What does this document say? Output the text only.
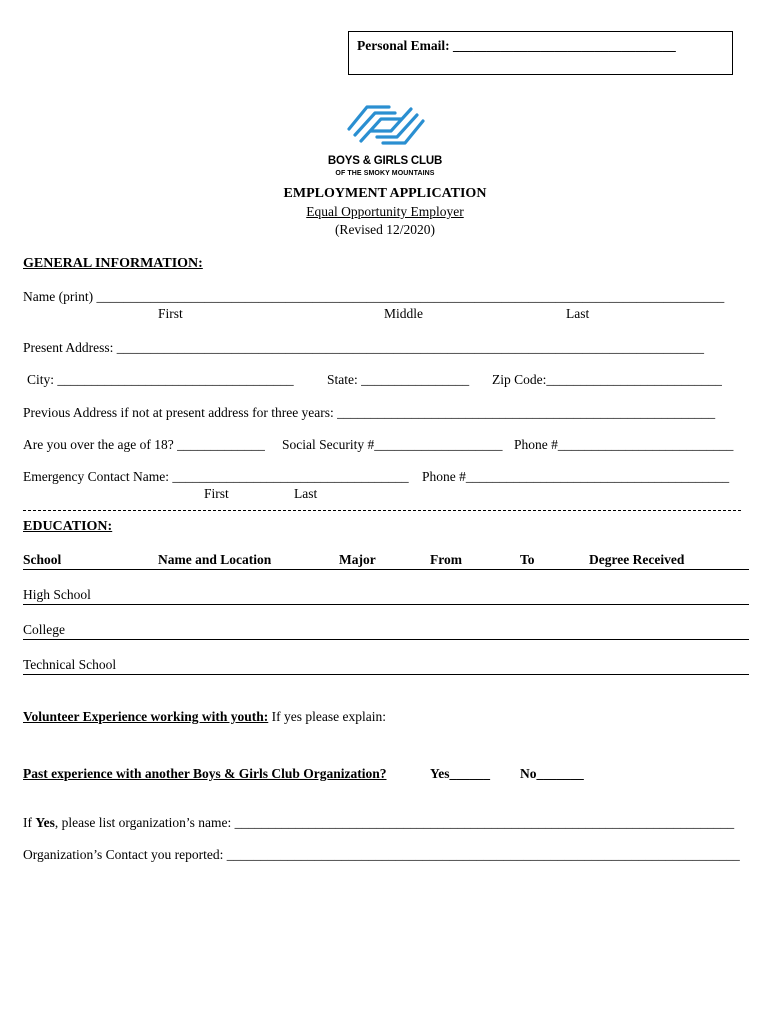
Personal Email: _________________________________
BOYS & GIRLS CLUB
OF THE SMOKY MOUNTAINS
EMPLOYMENT APPLICATION
Equal Opportunity Employer
(Revised 12/2020)
GENERAL INFORMATION:
Name (print) _____________________________________________________________________________________________
First	Middle	Last
Present Address: _______________________________________________________________________________________
City: ___________________________________ State: ________________ Zip Code:__________________________
Previous Address if not at present address for three years: ________________________________________________________
Are you over the age of 18? _____________ Social Security #___________________ Phone #__________________________
Emergency Contact Name: ___________________________________ Phone #_______________________________________
First	Last
EDUCATION:
School	Name and Location	Major	From	To	Degree Received
High School
College
Technical School
Volunteer Experience working with youth: If yes please explain:
Past experience with another Boys & Girls Club Organization?	Yes______ No_______
If Yes, please list organization’s name: __________________________________________________________________________
Organization’s Contact you reported: ____________________________________________________________________________
